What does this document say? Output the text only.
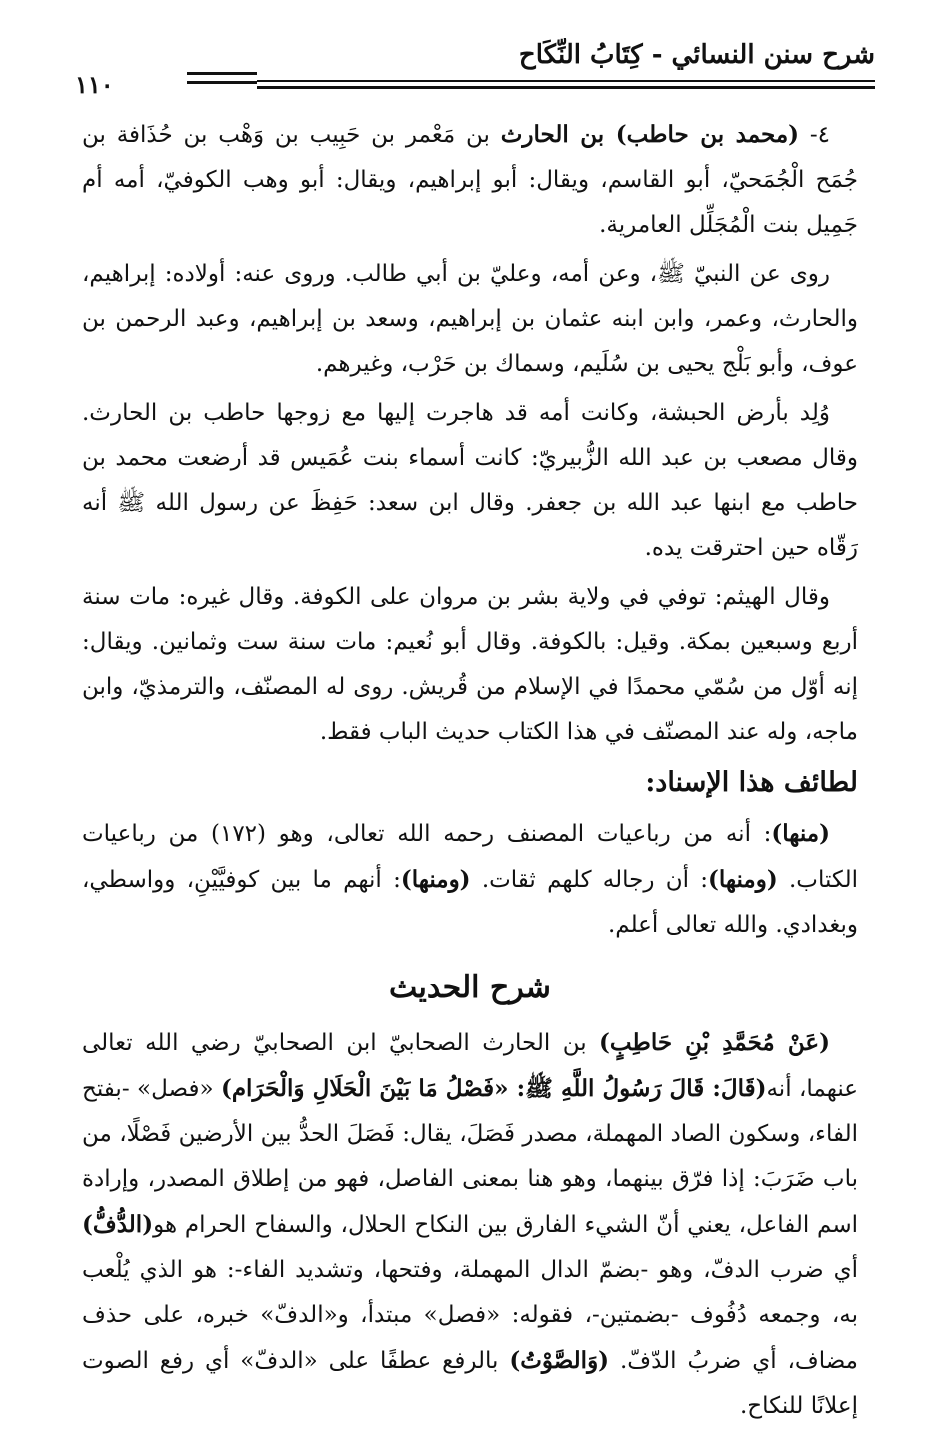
شرح سنن النسائي - كِتَابُ النِّكَاح
١١٠

٤- (محمد بن حاطب) بن الحارث بن مَعْمر بن حَبِيب بن وَهْب بن حُذَافة بن جُمَح الْجُمَحيّ، أبو القاسم، ويقال: أبو إبراهيم، ويقال: أبو وهب الكوفيّ، أمه أم جَمِيل بنت الْمُجَلِّل العامرية.

روى عن النبيّ ﷺ، وعن أمه، وعليّ بن أبي طالب. وروى عنه: أولاده: إبراهيم، والحارث، وعمر، وابن ابنه عثمان بن إبراهيم، وسعد بن إبراهيم، وعبد الرحمن بن عوف، وأبو بَلْج يحيى بن سُلَيم، وسماك بن حَرْب، وغيرهم.

وُلِد بأرض الحبشة، وكانت أمه قد هاجرت إليها مع زوجها حاطب بن الحارث. وقال مصعب بن عبد الله الزُّبيريّ: كانت أسماء بنت عُمَيس قد أرضعت محمد بن حاطب مع ابنها عبد الله بن جعفر. وقال ابن سعد: حَفِظَ عن رسول الله ﷺ أنه رَقّاه حين احترقت يده.

وقال الهيثم: توفي في ولاية بشر بن مروان على الكوفة. وقال غيره: مات سنة أربع وسبعين بمكة. وقيل: بالكوفة. وقال أبو نُعيم: مات سنة ست وثمانين. ويقال: إنه أوّل من سُمّي محمدًا في الإسلام من قُريش. روى له المصنّف، والترمذيّ، وابن ماجه، وله عند المصنّف في هذا الكتاب حديث الباب فقط.

لطائف هذا الإسناد:

(منها): أنه من رباعيات المصنف رحمه الله تعالى، وهو (١٧٢) من رباعيات الكتاب. (ومنها): أن رجاله كلهم ثقات. (ومنها): أنهم ما بين كوفيَّيْنِ، وواسطي، وبغدادي. والله تعالى أعلم.

شرح الحديث

(عَنْ مُحَمَّدِ بْنِ حَاطِبٍ) بن الحارث الصحابيّ ابن الصحابيّ رضي الله تعالى عنهما، أنه(قَالَ: قَالَ رَسُولُ اللَّهِ ﷺ: «فَصْلُ مَا بَيْنَ الْحَلَالِ وَالْحَرَام) «فصل» -بفتح الفاء، وسكون الصاد المهملة، مصدر فَصَلَ، يقال: فَصَلَ الحدُّ بين الأرضين فَصْلًا، من باب ضَرَبَ: إذا فرّق بينهما، وهو هنا بمعنى الفاصل، فهو من إطلاق المصدر، وإرادة اسم الفاعل، يعني أنّ الشيء الفارق بين النكاح الحلال، والسفاح الحرام هو(الدُّفُّ) أي ضرب الدفّ، وهو -بضمّ الدال المهملة، وفتحها، وتشديد الفاء-: هو الذي يُلْعب به، وجمعه دُفُوف -بضمتين-، فقوله: «فصل» مبتدأ، و«الدفّ» خبره، على حذف مضاف، أي ضربُ الدّفّ. (وَالصَّوْتُ) بالرفع عطفًا على «الدفّ» أي رفع الصوت إعلانًا للنكاح.
